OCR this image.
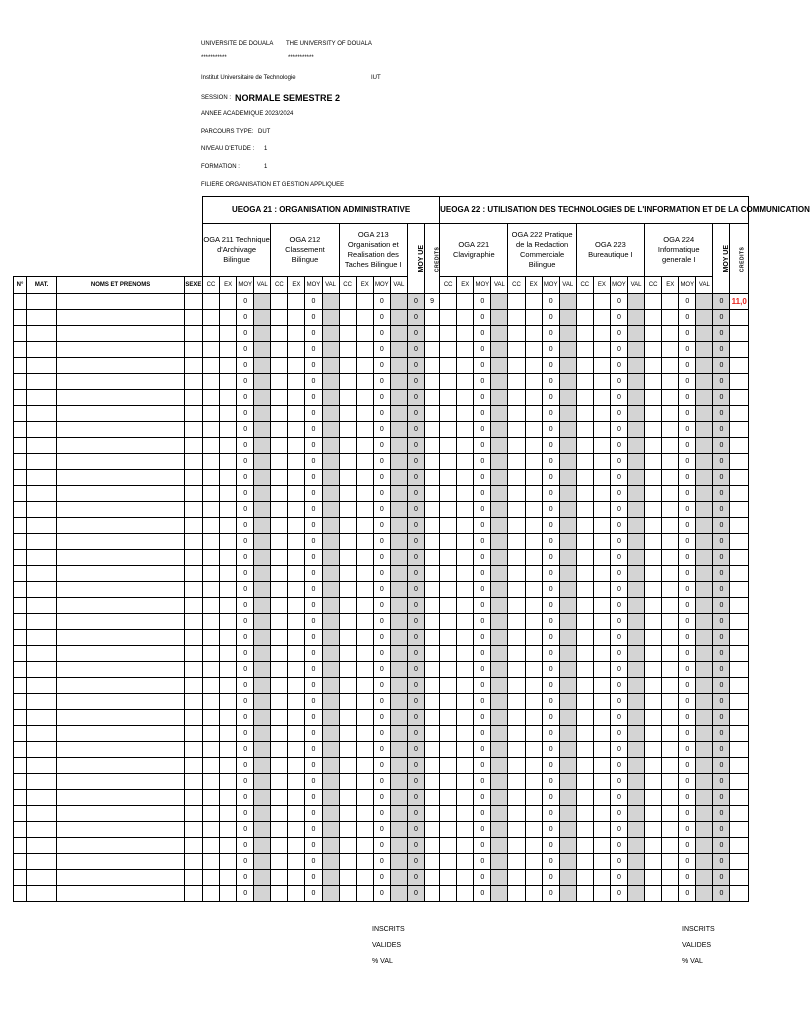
UNIVERSITE DE DOUALA THE UNIVERSITY OF DOUALA
***********	***********
Institut Universitaire de Technologie	IUT
SESSION : NORMALE SEMESTRE 2
ANNEE ACADEMIQUE 2023/2024
PARCOURS TYPE: DUT
NIVEAU D'ETUDE : 1
FORMATION :	1
FILIERE ORGANISATION ET GESTION APPLIQUEE
				UEOGA 21 : ORGANISATION ADMINISTRATIVE														UEOGA 22 : UTILISATION DES TECHNOLOGIES DE L'INFORMATION ET DE LA COMMUNICATION																	
				OGA 211 Technique d'Archivage Bilingue				OGA 212 Classement Bilingue				OGA 213 Organisation et Realisation des Taches Bilingue I				MOY UE	CREDITS	OGA 221 Clavigraphie				OGA 222 Pratique de la Redaction Commerciale Bilingue				OGA 223 Bureautique I				OGA 224 Informatique generale I				MOY UE	CREDITS
N°	MAT.	NOMS ET PRENOMS	SEXE	CC	EX	MOY	VAL	CC	EX	MOY	VAL	CC	EX	MOY	VAL			CC	EX	MOY	VAL	CC	EX	MOY	VAL	CC	EX	MOY	VAL	CC	EX	MOY	VAL		
						0				0				0		0	9			0				0				0				0		0	11,0
						0				0				0		0				0				0				0				0		0	
						0				0				0		0				0				0				0				0		0	
						0				0				0		0				0				0				0				0		0	
						0				0				0		0				0				0				0				0		0	
						0				0				0		0				0				0				0				0		0	
						0				0				0		0				0				0				0				0		0	
						0				0				0		0				0				0				0				0		0	
						0				0				0		0				0				0				0				0		0	
						0				0				0		0				0				0				0				0		0	
						0				0				0		0				0				0				0				0		0	
						0				0				0		0				0				0				0				0		0	
						0				0				0		0				0				0				0				0		0	
						0				0				0		0				0				0				0				0		0	
						0				0				0		0				0				0				0				0		0	
						0				0				0		0				0				0				0				0		0	
						0				0				0		0				0				0				0				0		0	
						0				0				0		0				0				0				0				0		0	
						0				0				0		0				0				0				0				0		0	
						0				0				0		0				0				0				0				0		0	
						0				0				0		0				0				0				0				0		0	
						0				0				0		0				0				0				0				0		0	
						0				0				0		0				0				0				0				0		0	
						0				0				0		0				0				0				0				0		0	
						0				0				0		0				0				0				0				0		0	
						0				0				0		0				0				0				0				0		0	
						0				0				0		0				0				0				0				0		0	
						0				0				0		0				0				0				0				0		0	
						0				0				0		0				0				0				0				0		0	
						0				0				0		0				0				0				0				0		0	
						0				0				0		0				0				0				0				0		0	
						0				0				0		0				0				0				0				0		0	
						0				0				0		0				0				0				0				0		0	
						0				0				0		0				0				0				0				0		0	
						0				0				0		0				0				0				0				0		0	
						0				0				0		0				0				0				0				0		0	
						0				0				0		0				0				0				0				0		0	
						0				0				0		0				0				0				0				0		0	
INSCRITS
VALIDES
% VAL
INSCRITS
VALIDES
% VAL
